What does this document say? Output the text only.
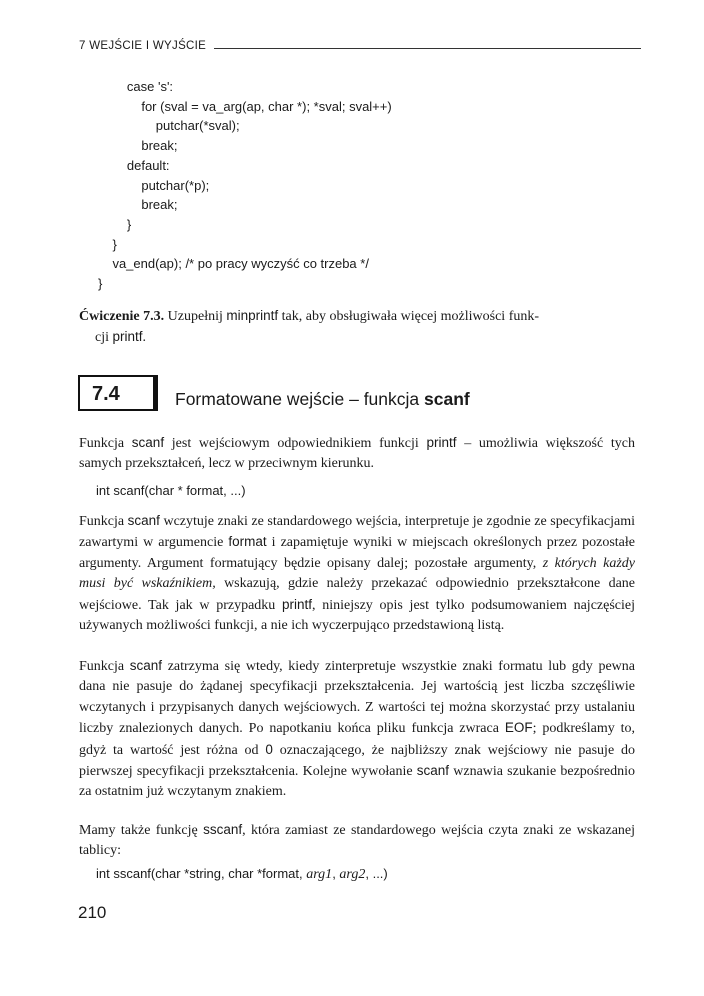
7 WEJŚCIE I WYJŚCIE
case 's':
for (sval = va_arg(ap, char *); *sval; sval++)
putchar(*sval);
break;
default:
putchar(*p);
break;
}
}
va_end(ap); /* po pracy wyczyść co trzeba */
}
Ćwiczenie 7.3. Uzupełnij minprintf tak, aby obsługiwała więcej możliwości funk-
cji printf.
7.4	Formatowane wejście – funkcja scanf
Funkcja scanf jest wejściowym odpowiednikiem funkcji printf – umożliwia większość tych samych przekształceń, lecz w przeciwnym kierunku.
int scanf(char * format, ...)
Funkcja scanf wczytuje znaki ze standardowego wejścia, interpretuje je zgodnie ze specyfikacjami zawartymi w argumencie format i zapamiętuje wyniki w miejscach określonych przez pozostałe argumenty. Argument formatujący będzie opisany dalej; pozostałe argumenty, z których każdy musi być wskaźnikiem, wskazują, gdzie należy przekazać odpowiednio przekształcone dane wejściowe. Tak jak w przypadku printf, niniejszy opis jest tylko podsumowaniem najczęściej używanych możliwości funkcji, a nie ich wyczerpująco przedstawioną listą.
Funkcja scanf zatrzyma się wtedy, kiedy zinterpretuje wszystkie znaki formatu lub gdy pewna dana nie pasuje do żądanej specyfikacji przekształcenia. Jej wartością jest liczba szczęśliwie wczytanych i przypisanych danych wejściowych. Z wartości tej można skorzystać przy ustalaniu liczby znalezionych danych. Po napotkaniu końca pliku funkcja zwraca EOF; podkreślamy to, gdyż ta wartość jest różna od 0 oznaczającego, że najbliższy znak wejściowy nie pasuje do pierwszej specyfikacji przekształcenia. Kolejne wywołanie scanf wznawia szukanie bezpośrednio za ostatnim już wczytanym znakiem.
Mamy także funkcję sscanf, która zamiast ze standardowego wejścia czyta znaki ze wskazanej tablicy:
int sscanf(char *string, char *format, arg1, arg2, ...)
210
